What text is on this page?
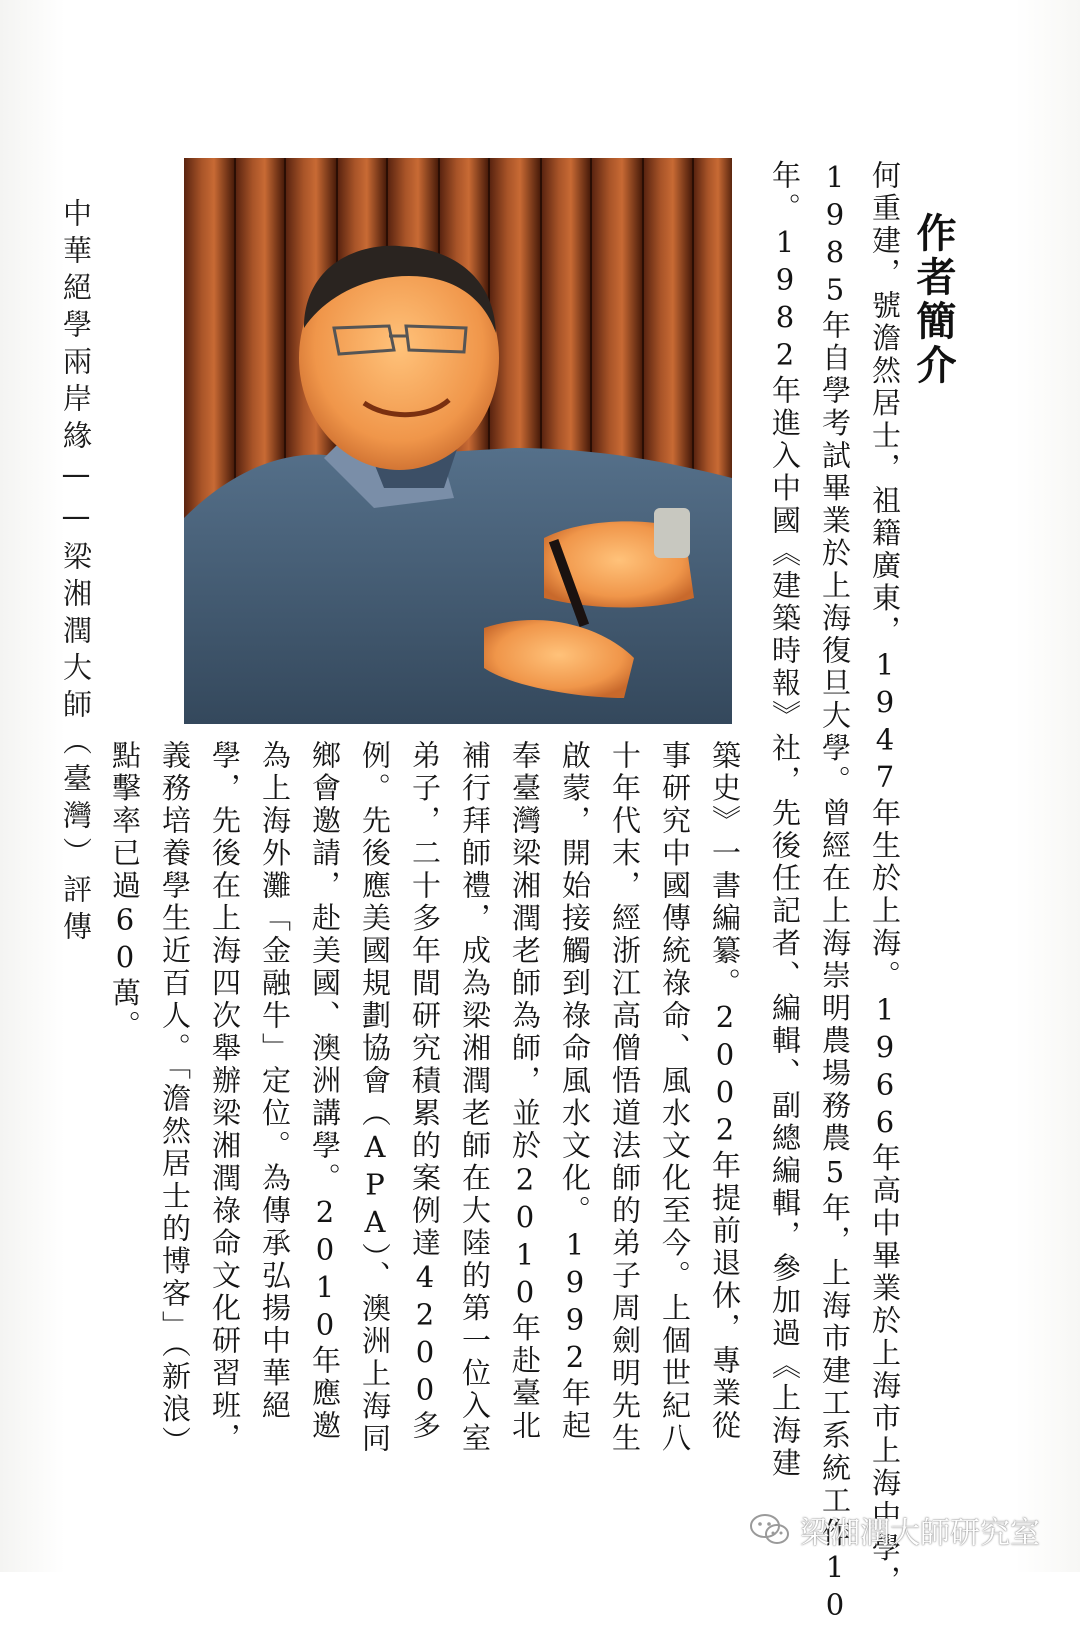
作者簡介
何重建，號澹然居士，祖籍廣東，1947年生於上海。1966年高中畢業於上海市上海中學，1985年自學考試畢業於上海復旦大學。曾經在上海崇明農場務農5年，上海市建工系統工作10年。1982年進入中國《建築時報》社，先後任記者、編輯、副總編輯，參加過《上海建
築史》一書編纂。2002年提前退休，專業從事研究中國傳統祿命、風水文化至今。上個世紀八十年代末，經浙江高僧悟道法師的弟子周劍明先生啟蒙，開始接觸到祿命風水文化。1992年起奉臺灣梁湘潤老師為師，並於2010年赴臺北補行拜師禮，成為梁湘潤老師在大陸的第一位入室弟子，二十多年間研究積累的案例達4200多例。先後應美國規劃協會（APA）、澳洲上海同鄉會邀請，赴美國、澳洲講學。2010年應邀為上海外灘「金融牛」定位。為傳承弘揚中華絕學，先後在上海四次舉辦梁湘潤祿命文化研習班，義務培養學生近百人。「澹然居士的博客」（新浪）點擊率已過60萬。
中華絕學兩岸緣——梁湘潤大師（臺灣）評傳
梁湘潤大師研究室
